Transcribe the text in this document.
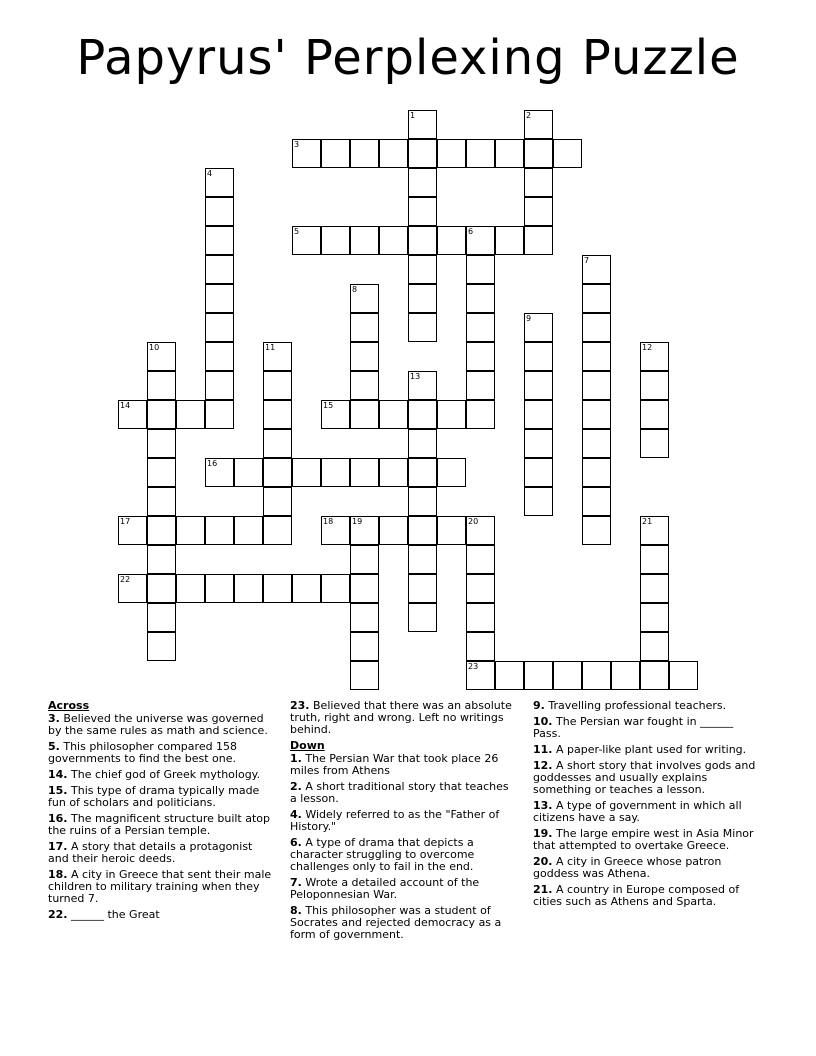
Papyrus' Perplexing Puzzle
1	2
3
4
5	6
7
8
9
10	11	12
13
14	15
16
17	18 19	20
23
21
22
Across
3. Believed the universe was governed by the same rules as math and science.
5. This philosopher compared 158 governments to find the best one.
14. The chief god of Greek mythology.
15. This type of drama typically made fun of scholars and politicians.
16. The magnificent structure built atop the ruins of a Persian temple.
17. A story that details a protagonist and their heroic deeds.
18. A city in Greece that sent their male children to military training when they turned 7.
22. ______ the Great
23. Believed that there was an absolute truth, right and wrong. Left no writings behind.
Down
1. The Persian War that took place 26 miles from Athens
2. A short traditional story that teaches a lesson.
4. Widely referred to as the "Father of History."
6. A type of drama that depicts a character struggling to overcome challenges only to fail in the end.
7. Wrote a detailed account of the Peloponnesian War.
8. This philosopher was a student of Socrates and rejected democracy as a form of government.
9. Travelling professional teachers.
10. The Persian war fought in ______ Pass.
11. A paper-like plant used for writing.
12. A short story that involves gods and goddesses and usually explains something or teaches a lesson.
13. A type of government in which all citizens have a say.
19. The large empire west in Asia Minor that attempted to overtake Greece.
20. A city in Greece whose patron goddess was Athena.
21. A country in Europe composed of cities such as Athens and Sparta.
